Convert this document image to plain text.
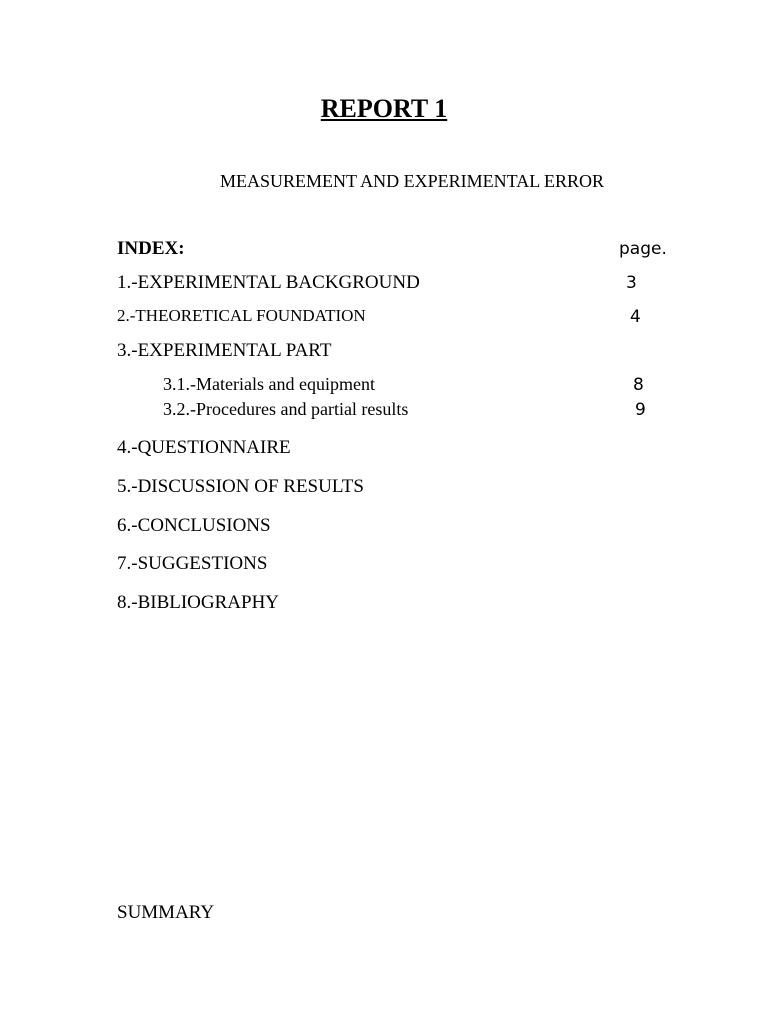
REPORT 1
MEASUREMENT AND EXPERIMENTAL ERROR
INDEX:	page.
1.-EXPERIMENTAL BACKGROUND	3
2.-THEORETICAL FOUNDATION	4
3.-EXPERIMENTAL PART
3.1.-Materials and equipment	8
3.2.-Procedures and partial results	9
4.-QUESTIONNAIRE
5.-DISCUSSION OF RESULTS
6.-CONCLUSIONS
7.-SUGGESTIONS
8.-BIBLIOGRAPHY
SUMMARY
